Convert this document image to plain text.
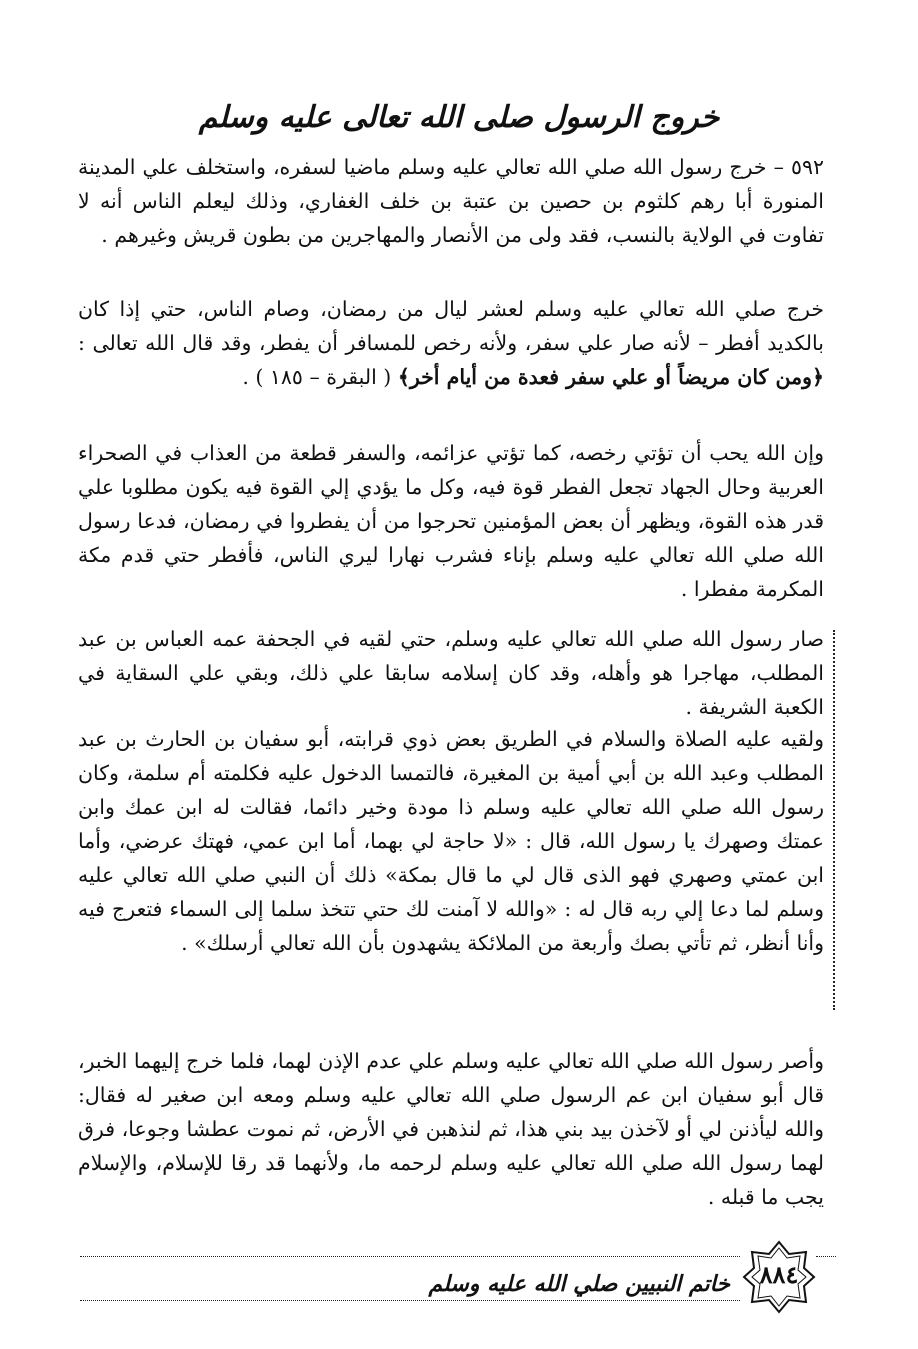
خروج الرسول صلى الله تعالى عليه وسلم

٥٩٢ – خرج رسول الله صلي الله تعالي عليه وسلم ماضيا لسفره، واستخلف علي المدينة المنورة أبا رهم كلثوم بن حصين بن عتبة بن خلف الغفاري، وذلك ليعلم الناس أنه لا تفاوت في الولاية بالنسب، فقد ولى من الأنصار والمهاجرين من بطون قريش وغيرهم .

خرج صلي الله تعالي عليه وسلم لعشر ليال من رمضان، وصام الناس، حتي إذا كان بالكديد أفطر – لأنه صار علي سفر، ولأنه رخص للمسافر أن يفطر، وقد قال الله تعالى : ﴿ومن كان مريضاً أو علي سفر فعدة من أيام أخر﴾ ( البقرة – ١٨٥ ) .

وإن الله يحب أن تؤتي رخصه، كما تؤتي عزائمه، والسفر قطعة من العذاب في الصحراء العربية وحال الجهاد تجعل الفطر قوة فيه، وكل ما يؤدي إلي القوة فيه يكون مطلوبا علي قدر هذه القوة، ويظهر أن بعض المؤمنين تحرجوا من أن يفطروا في رمضان، فدعا رسول الله صلي الله تعالي عليه وسلم بإناء فشرب نهارا ليري الناس، فأفطر حتي قدم مكة المكرمة مفطرا .

صار رسول الله صلي الله تعالي عليه وسلم، حتي لقيه في الجحفة عمه العباس بن عبد المطلب، مهاجرا هو وأهله، وقد كان إسلامه سابقا علي ذلك، وبقي علي السقاية في الكعبة الشريفة .

ولقيه عليه الصلاة والسلام في الطريق بعض ذوي قرابته، أبو سفيان بن الحارث بن عبد المطلب وعبد الله بن أبي أمية بن المغيرة، فالتمسا الدخول عليه فكلمته أم سلمة، وكان رسول الله صلي الله تعالي عليه وسلم ذا مودة وخير دائما، فقالت له ابن عمك وابن عمتك وصهرك يا رسول الله، قال : «لا حاجة لي بهما، أما ابن عمي، فهتك عرضي، وأما ابن عمتي وصهري فهو الذى قال لي ما قال بمكة» ذلك أن النبي صلي الله تعالي عليه وسلم لما دعا إلي ربه قال له : «والله لا آمنت لك حتي تتخذ سلما إلى السماء فتعرج فيه وأنا أنظر، ثم تأتي بصك وأربعة من الملائكة يشهدون بأن الله تعالي أرسلك» .

وأصر رسول الله صلي الله تعالي عليه وسلم علي عدم الإذن لهما، فلما خرج إليهما الخبر، قال أبو سفيان ابن عم الرسول صلي الله تعالي عليه وسلم ومعه ابن صغير له فقال: والله ليأذنن لي أو لآخذن بيد بني هذا، ثم لنذهبن في الأرض، ثم نموت عطشا وجوعا، فرق لهما رسول الله صلي الله تعالي عليه وسلم لرحمه ما، ولأنهما قد رقا للإسلام، والإسلام يجب ما قبله .

خاتم النبيين صلي الله عليه وسلم	٨٨٤
